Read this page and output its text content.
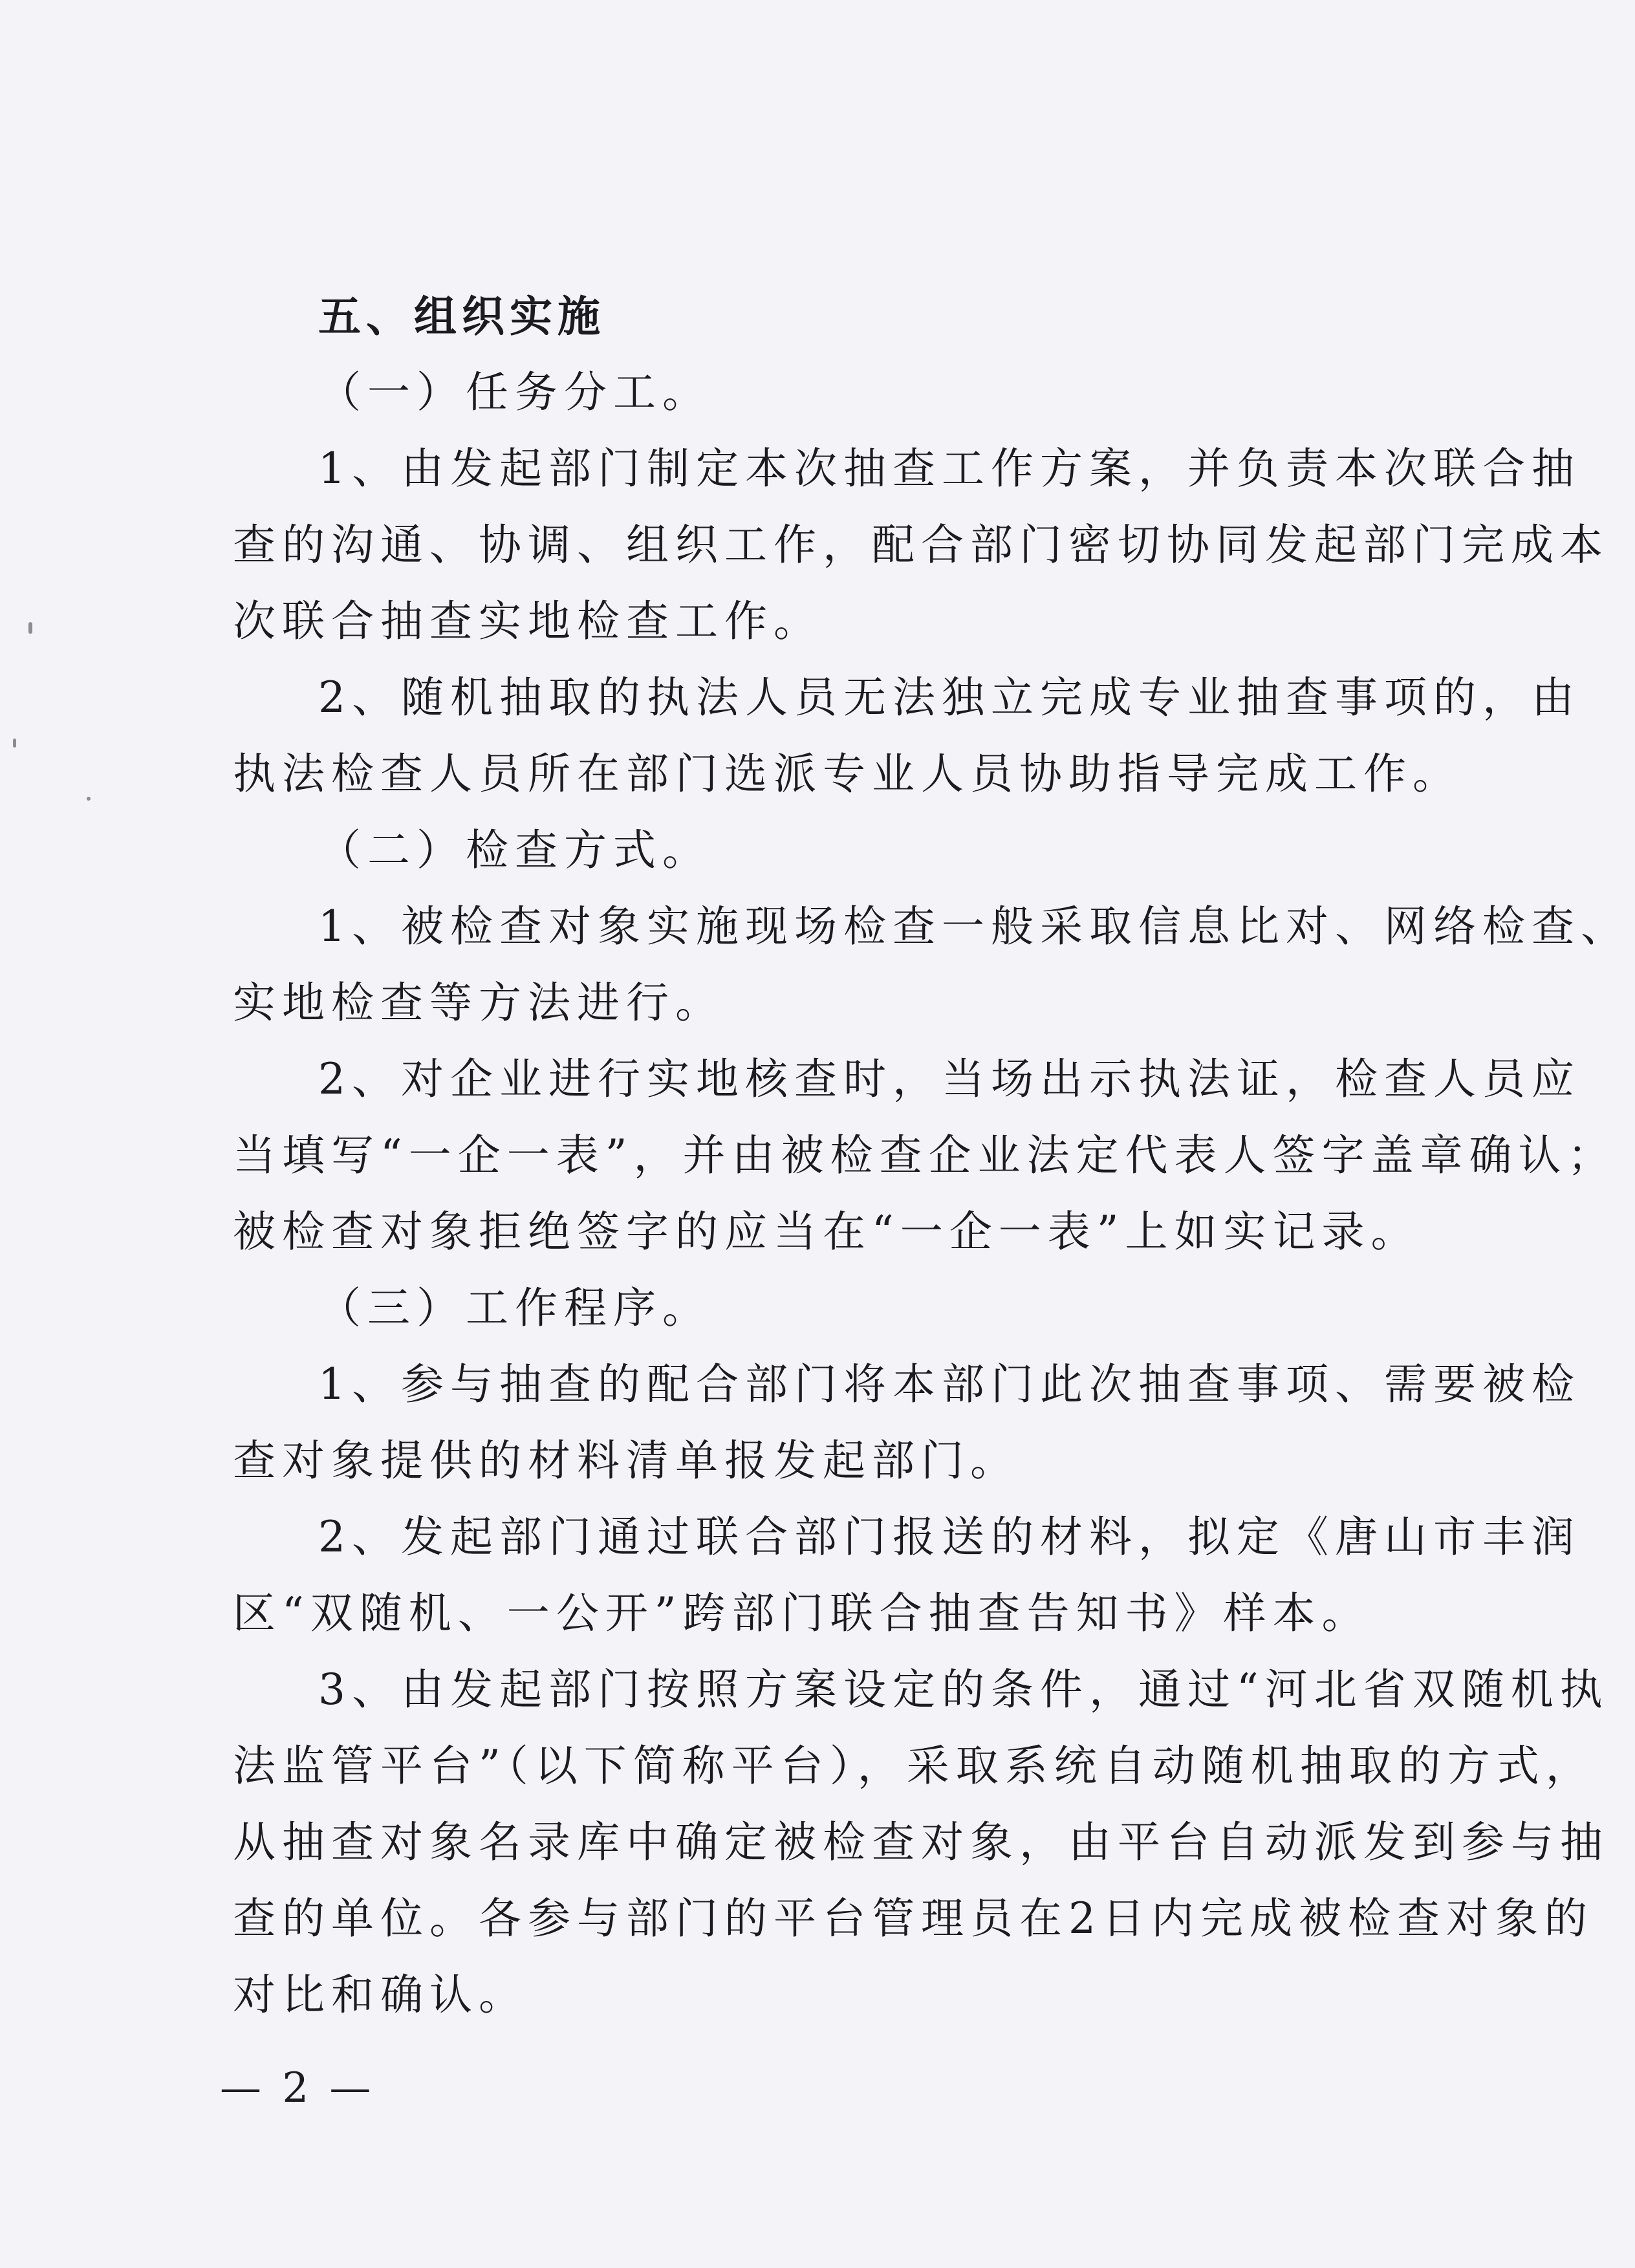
五、组织实施
（一）任务分工。
1、由发起部门制定本次抽查工作方案，并负责本次联合抽
查的沟通、协调、组织工作，配合部门密切协同发起部门完成本
次联合抽查实地检查工作。
2、随机抽取的执法人员无法独立完成专业抽查事项的，由
执法检查人员所在部门选派专业人员协助指导完成工作。
（二）检查方式。
1、被检查对象实施现场检查一般采取信息比对、网络检查、
实地检查等方法进行。
2、对企业进行实地核查时，当场出示执法证，检查人员应
当填写“一企一表”，并由被检查企业法定代表人签字盖章确认；
被检查对象拒绝签字的应当在“一企一表”上如实记录。
（三）工作程序。
1、参与抽查的配合部门将本部门此次抽查事项、需要被检
查对象提供的材料清单报发起部门。
2、发起部门通过联合部门报送的材料，拟定《唐山市丰润
区“双随机、一公开”跨部门联合抽查告知书》样本。
3、由发起部门按照方案设定的条件，通过“河北省双随机执
法监管平台”（以下简称平台），采取系统自动随机抽取的方式，
从抽查对象名录库中确定被检查对象，由平台自动派发到参与抽
查的单位。各参与部门的平台管理员在2日内完成被检查对象的
对比和确认。
— 2 —
